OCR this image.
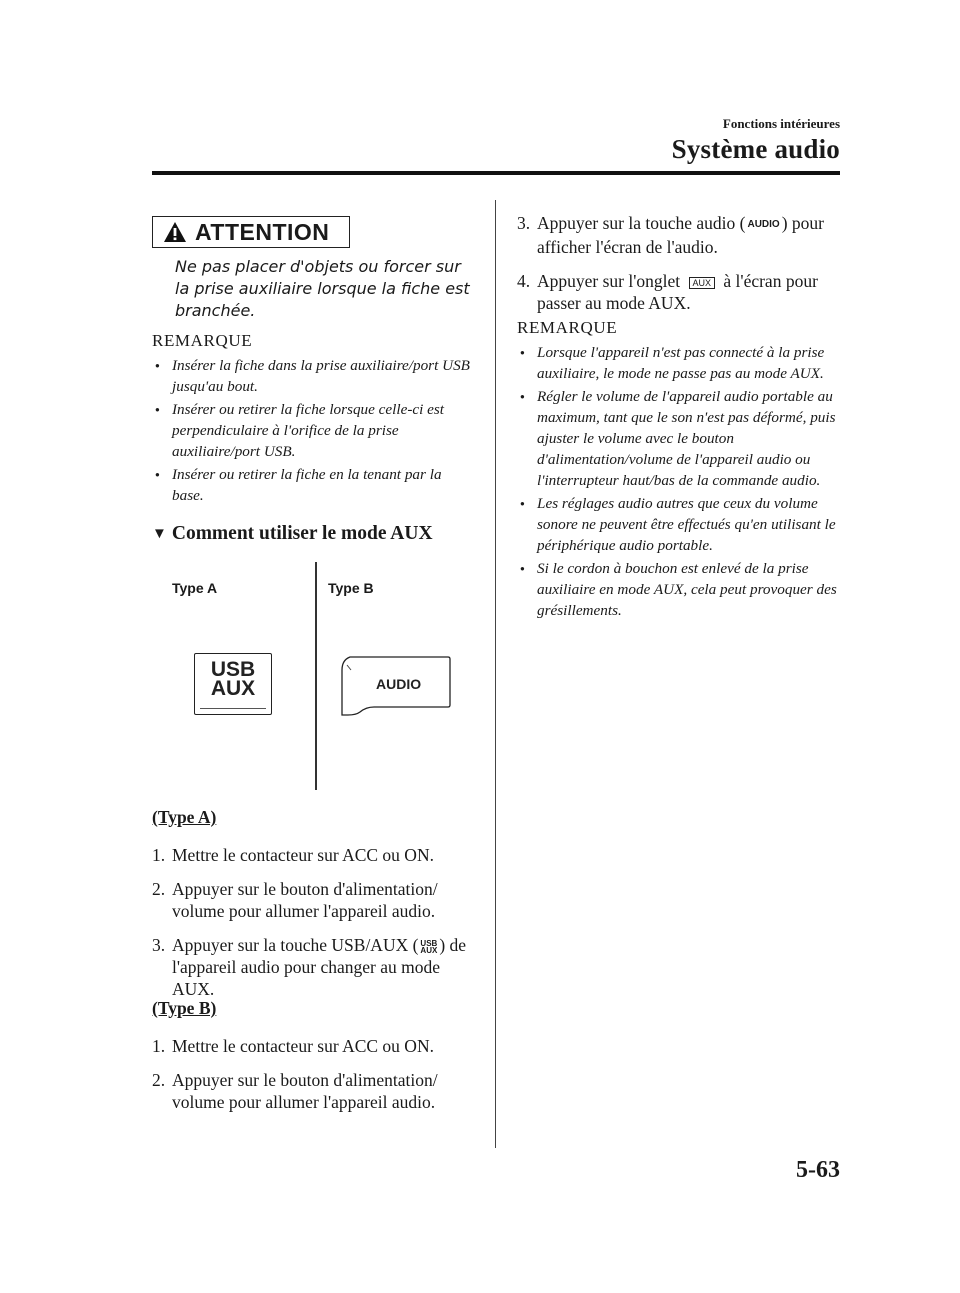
Fonctions intérieures
Système audio
ATTENTION
Ne pas placer d'objets ou forcer sur la prise auxiliaire lorsque la fiche est branchée.
REMARQUE
● Insérer la fiche dans la prise auxiliaire/port USB jusqu'au bout.
● Insérer ou retirer la fiche lorsque celle-ci est perpendiculaire à l'orifice de la prise auxiliaire/port USB.
● Insérer ou retirer la fiche en la tenant par la base.
▼ Comment utiliser le mode AUX
Type A	Type B
USB
AUX	AUDIO
(Type A)
1. Mettre le contacteur sur ACC ou ON.
2. Appuyer sur le bouton d'alimentation/ volume pour allumer l'appareil audio.
3. Appuyer sur la touche USB/AUX ( USB
AUX ) de l'appareil audio pour changer au mode AUX.
(Type B)
1. Mettre le contacteur sur ACC ou ON.
2. Appuyer sur le bouton d'alimentation/ volume pour allumer l'appareil audio.
3. Appuyer sur la touche audio ( AUDIO ) pour afficher l'écran de l'audio.
4. Appuyer sur l'onglet AUX à l'écran pour passer au mode AUX.
REMARQUE
● Lorsque l'appareil n'est pas connecté à la prise auxiliaire, le mode ne passe pas au mode AUX.
● Régler le volume de l'appareil audio portable au maximum, tant que le son n'est pas déformé, puis ajuster le volume avec le bouton d'alimentation/volume de l'appareil audio ou l'interrupteur haut/bas de la commande audio.
● Les réglages audio autres que ceux du volume sonore ne peuvent être effectués qu'en utilisant le périphérique audio portable.
● Si le cordon à bouchon est enlevé de la prise auxiliaire en mode AUX, cela peut provoquer des grésillements.
5-63
